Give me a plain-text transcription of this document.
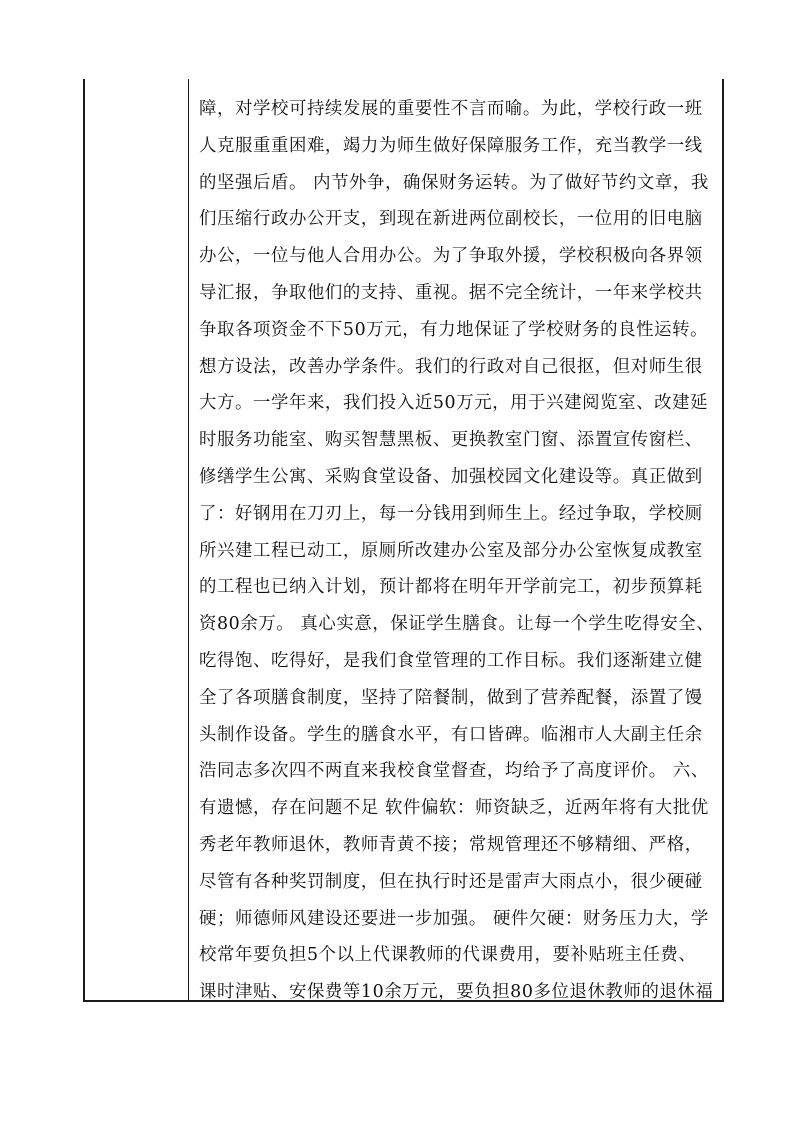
障，对学校可持续发展的重要性不言而喻。为此，学校行政一班
人克服重重困难，竭力为师生做好保障服务工作，充当教学一线
的坚强后盾。 内节外争，确保财务运转。为了做好节约文章，我
们压缩行政办公开支，到现在新进两位副校长，一位用的旧电脑
办公，一位与他人合用办公。为了争取外援，学校积极向各界领
导汇报，争取他们的支持、重视。据不完全统计，一年来学校共
争取各项资金不下50万元，有力地保证了学校财务的良性运转。
想方设法，改善办学条件。我们的行政对自己很抠，但对师生很
大方。一学年来，我们投入近50万元，用于兴建阅览室、改建延
时服务功能室、购买智慧黑板、更换教室门窗、添置宣传窗栏、
修缮学生公寓、采购食堂设备、加强校园文化建设等。真正做到
了：好钢用在刀刃上，每一分钱用到师生上。经过争取，学校厕
所兴建工程已动工，原厕所改建办公室及部分办公室恢复成教室
的工程也已纳入计划，预计都将在明年开学前完工，初步预算耗
资80余万。 真心实意，保证学生膳食。让每一个学生吃得安全、
吃得饱、吃得好，是我们食堂管理的工作目标。我们逐渐建立健
全了各项膳食制度，坚持了陪餐制，做到了营养配餐，添置了馒
头制作设备。学生的膳食水平，有口皆碑。临湘市人大副主任余
浩同志多次四不两直来我校食堂督查，均给予了高度评价。 六、
有遗憾，存在问题不足 软件偏软：师资缺乏，近两年将有大批优
秀老年教师退休，教师青黄不接；常规管理还不够精细、严格，
尽管有各种奖罚制度，但在执行时还是雷声大雨点小，很少硬碰
硬；师德师风建设还要进一步加强。 硬件欠硬：财务压力大，学
校常年要负担5个以上代课教师的代课费用，要补贴班主任费、
课时津贴、安保费等10余万元，要负担80多位退休教师的退休福
